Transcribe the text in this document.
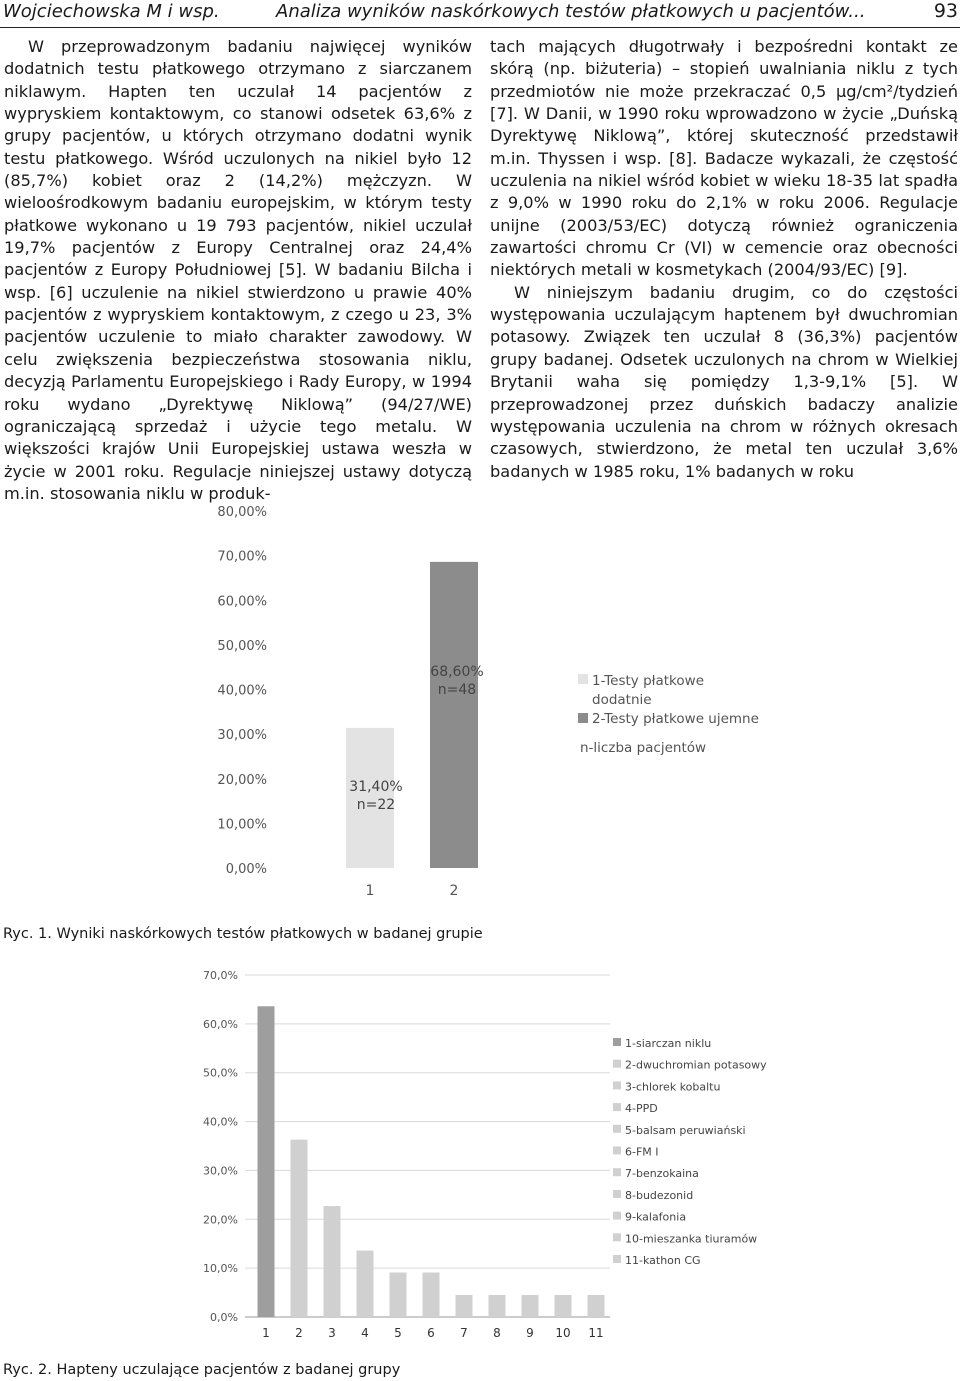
Wojciechowska M i wsp.	Analiza wyników naskórkowych testów płatkowych u pacjentów...	93

W przeprowadzonym badaniu najwięcej wyników dodatnich testu płatkowego otrzymano z siarczanem niklawym. Hapten ten uczulał 14 pacjentów z wypryskiem kontaktowym, co stanowi odsetek 63,6% z grupy pacjentów, u których otrzymano dodatni wynik testu płatkowego. Wśród uczulonych na nikiel było 12 (85,7%) kobiet oraz 2 (14,2%) mężczyzn. W wieloośrodkowym badaniu europejskim, w którym testy płatkowe wykonano u 19 793 pacjentów, nikiel uczulał 19,7% pacjentów z Europy Centralnej oraz 24,4% pacjentów z Europy Południowej [5]. W badaniu Bilcha i wsp. [6] uczulenie na nikiel stwierdzono u prawie 40% pacjentów z wypryskiem kontaktowym, z czego u 23, 3% pacjentów uczulenie to miało charakter zawodowy. W celu zwiększenia bezpieczeństwa stosowania niklu, decyzją Parlamentu Europejskiego i Rady Europy, w 1994 roku wydano „Dyrektywę Niklową” (94/27/WE) ograniczającą sprzedaż i użycie tego metalu. W większości krajów Unii Europejskiej ustawa weszła w życie w 2001 roku. Regulacje niniejszej ustawy dotyczą m.in. stosowania niklu w produk-

tach mających długotrwały i bezpośredni kontakt ze skórą (np. biżuteria) – stopień uwalniania niklu z tych przedmiotów nie może przekraczać 0,5 µg/cm²/tydzień [7]. W Danii, w 1990 roku wprowadzono w życie „Duńską Dyrektywę Niklową”, której skuteczność przedstawił m.in. Thyssen i wsp. [8]. Badacze wykazali, że częstość uczulenia na nikiel wśród kobiet w wieku 18-35 lat spadła z 9,0% w 1990 roku do 2,1% w roku 2006. Regulacje unijne (2003/53/EC) dotyczą również ograniczenia zawartości chromu Cr (VI) w cemencie oraz obecności niektórych metali w kosmetykach (2004/93/EC) [9].

W niniejszym badaniu drugim, co do częstości występowania uczulającym haptenem był dwuchromian potasowy. Związek ten uczulał 8 (36,3%) pacjentów grupy badanej. Odsetek uczulonych na chrom w Wielkiej Brytanii waha się pomiędzy 1,3-9,1% [5]. W przeprowadzonej przez duńskich badaczy analizie występowania uczulenia na chrom w różnych okresach czasowych, stwierdzono, że metal ten uczulał 3,6% badanych w 1985 roku, 1% badanych w roku

0,00%
10,00%
20,00%
30,00%
40,00%
50,00%
60,00%
70,00%
80,00%
1	2
31,40%
n=22
68,60%
n=48
1-Testy płatkowe
dodatnie
2-Testy płatkowe ujemne
n-liczba pacjentów
Ryc. 1. Wyniki naskórkowych testów płatkowych w badanej grupie
0,0%
10,0%
20,0%
30,0%
40,0%
50,0%
60,0%
70,0%
1 2 3 4 5 6 7 8 9 10 11
1-siarczan niklu
2-dwuchromian potasowy
3-chlorek kobaltu
4-PPD
5-balsam peruwiański
6-FM I
7-benzokaina
8-budezonid
9-kalafonia
10-mieszanka tiuramów
11-kathon CG
Ryc. 2. Hapteny uczulające pacjentów z badanej grupy
